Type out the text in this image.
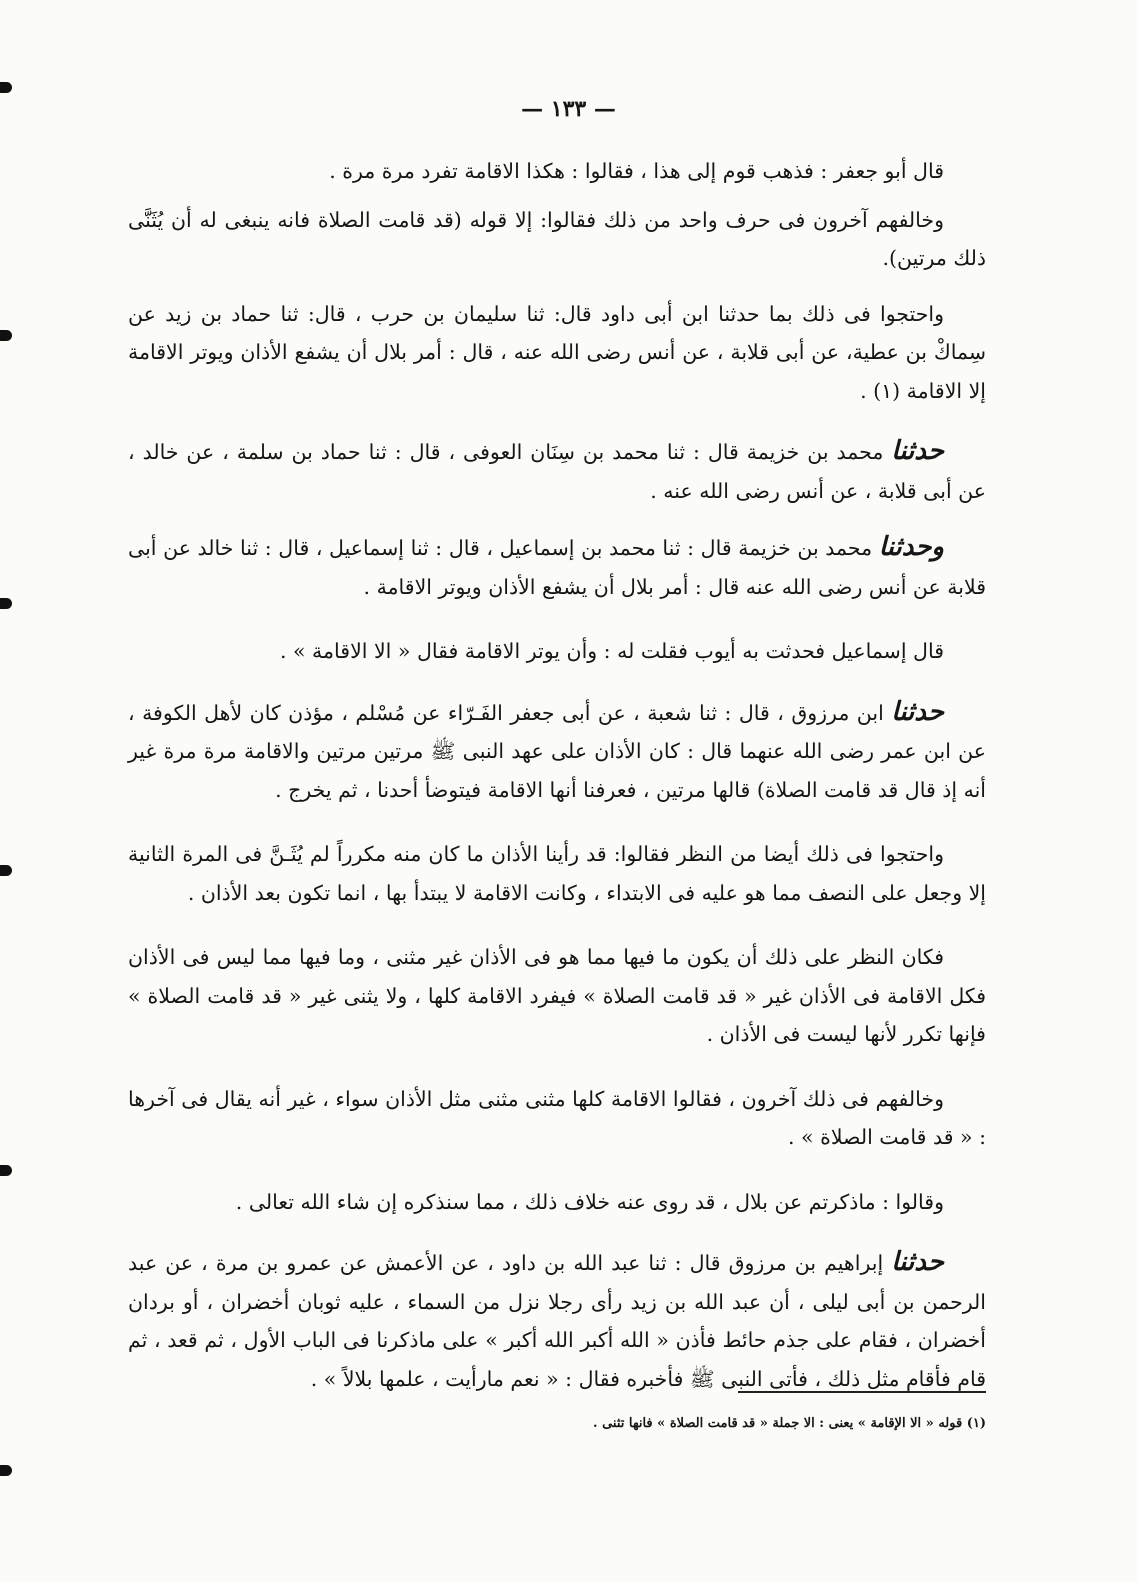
— ١٣٣ —

قال أبو جعفر : فذهب قوم إلى هذا ، فقالوا : هكذا الاقامة تفرد مرة مرة .

وخالفهم آخرون فى حرف واحد من ذلك فقالوا: إلا قوله (قد قامت الصلاة فانه ينبغى له أن يُثَنَّى ذلك مرتين).

واحتجوا فى ذلك بما حدثنا ابن أبى داود قال: ثنا سليمان بن حرب ، قال: ثنا حماد بن زيد عن سِماكْ بن عطية، عن أبى قلابة ، عن أنس رضى الله عنه ، قال : أمر بلال أن يشفع الأذان ويوتر الاقامة إلا الاقامة (١) .

حدثنا محمد بن خزيمة قال : ثنا محمد بن سِنَان العوفى ، قال : ثنا حماد بن سلمة ، عن خالد ، عن أبى قلابة ، عن أنس رضى الله عنه .

وحدثنا محمد بن خزيمة قال : ثنا محمد بن إسماعيل ، قال : ثنا إسماعيل ، قال : ثنا خالد عن أبى قلابة عن أنس رضى الله عنه قال : أمر بلال أن يشفع الأذان ويوتر الاقامة .

قال إسماعيل فحدثت به أيوب فقلت له : وأن يوتر الاقامة فقال « الا الاقامة » .

حدثنا ابن مرزوق ، قال : ثنا شعبة ، عن أبى جعفر الفَـرّاء عن مُسْلم ، مؤذن كان لأهل الكوفة ، عن ابن عمر رضى الله عنهما قال : كان الأذان على عهد النبى ﷺ مرتين مرتين والاقامة مرة مرة غير أنه إذ قال قد قامت الصلاة) قالها مرتين ، فعرفنا أنها الاقامة فيتوضأ أحدنا ، ثم يخرج .

واحتجوا فى ذلك أيضا من النظر فقالوا: قد رأينا الأذان ما كان منه مكرراً لم يُثَـنَّ فى المرة الثانية إلا وجعل على النصف مما هو عليه فى الابتداء ، وكانت الاقامة لا يبتدأ بها ، انما تكون بعد الأذان .

فكان النظر على ذلك أن يكون ما فيها مما هو فى الأذان غير مثنى ، وما فيها مما ليس فى الأذان فكل الاقامة فى الأذان غير « قد قامت الصلاة » فيفرد الاقامة كلها ، ولا يثنى غير « قد قامت الصلاة » فإنها تكرر لأنها ليست فى الأذان .

وخالفهم فى ذلك آخرون ، فقالوا الاقامة كلها مثنى مثنى مثل الأذان سواء ، غير أنه يقال فى آخرها : « قد قامت الصلاة » .

وقالوا : ماذكرتم عن بلال ، قد روى عنه خلاف ذلك ، مما سنذكره إن شاء الله تعالى .

حدثنا إبراهيم بن مرزوق قال : ثنا عبد الله بن داود ، عن الأعمش عن عمرو بن مرة ، عن عبد الرحمن بن أبى ليلى ، أن عبد الله بن زيد رأى رجلا نزل من السماء ، عليه ثوبان أخضران ، أو بردان أخضران ، فقام على جذم حائط فأذن « الله أكبر الله أكبر » على ماذكرنا فى الباب الأول ، ثم قعد ، ثم قام فأقام مثل ذلك ، فأتى النبى ﷺ فأخبره فقال : « نعم مارأيت ، علمها بلالاً » .

(١) قوله « الا الإقامة » يعنى : الا جملة « قد قامت الصلاة » فانها تثنى .
